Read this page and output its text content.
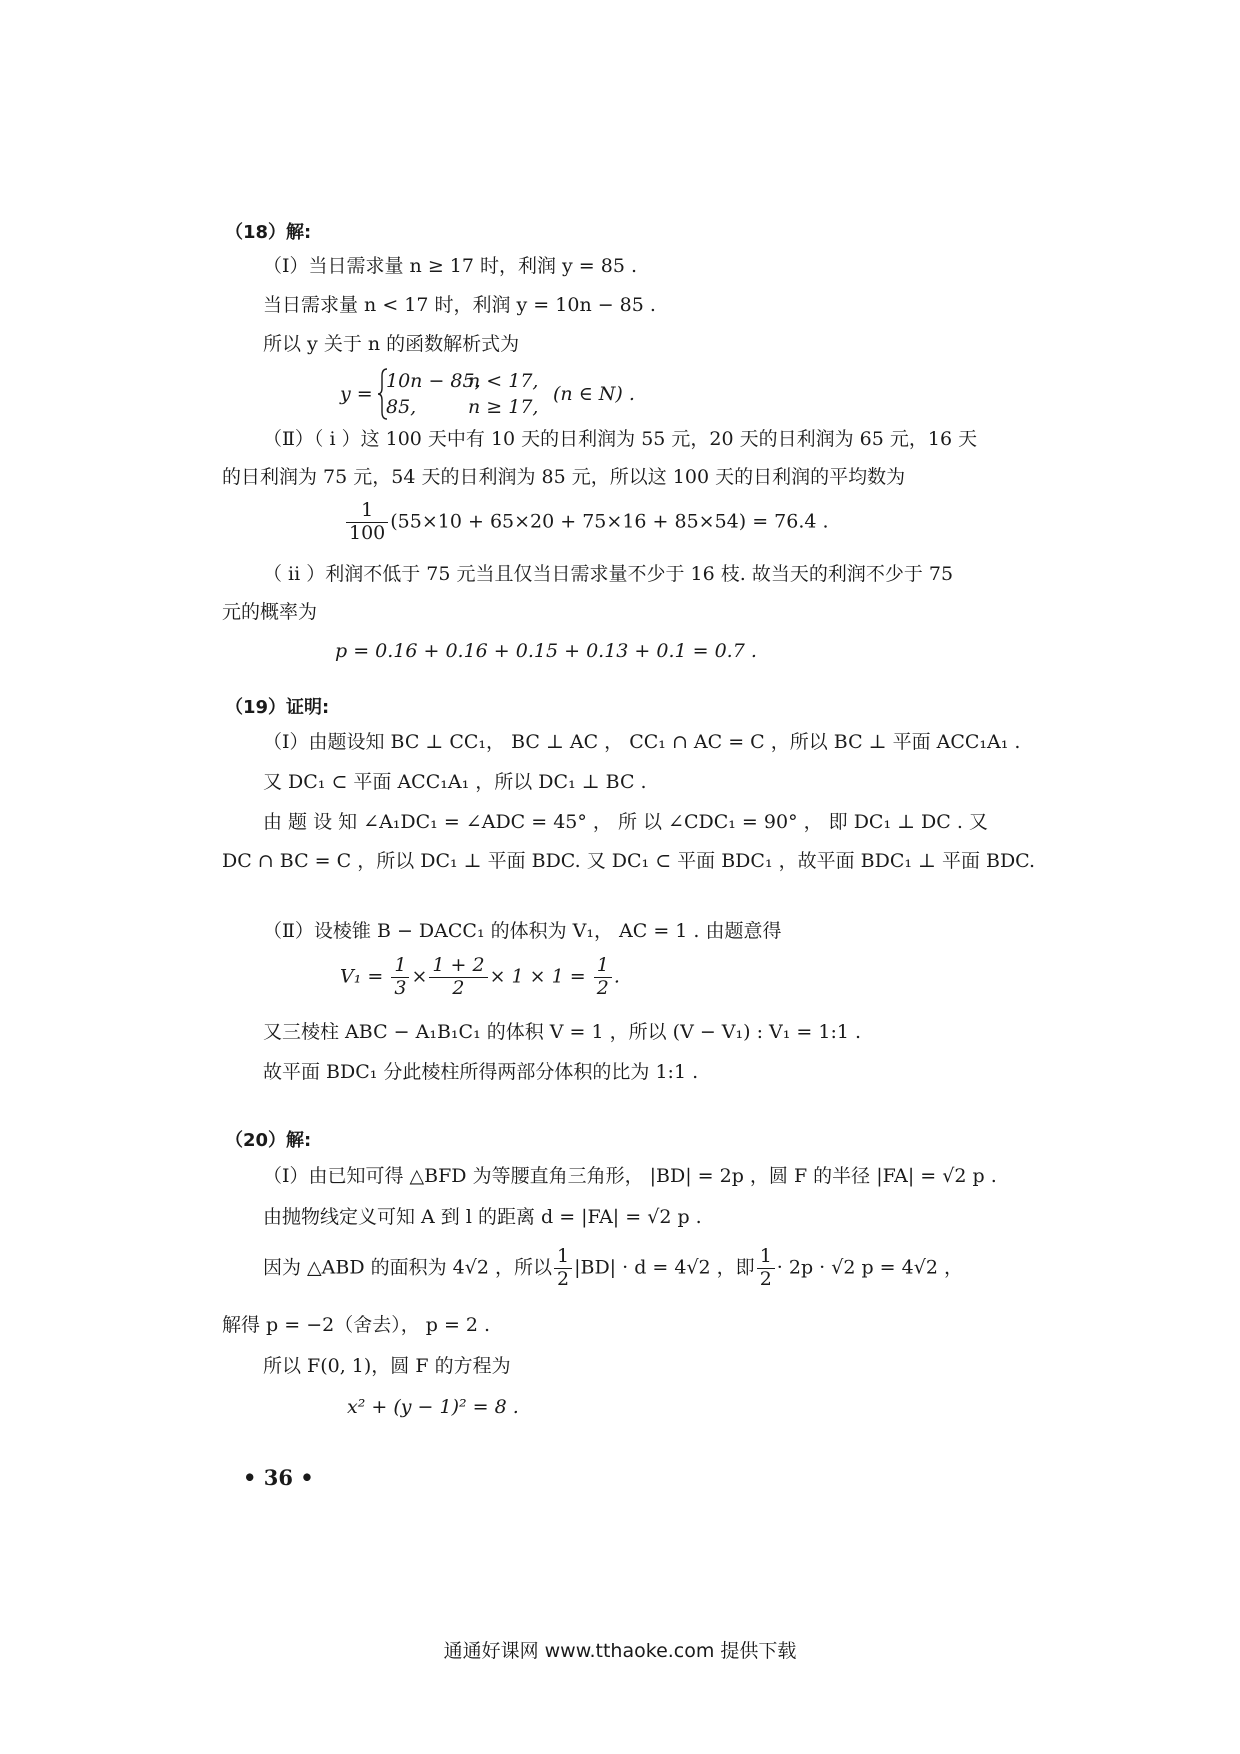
（18）解:
（Ⅰ）当日需求量 n ≥ 17 时，利润 y = 85 .
当日需求量 n < 17 时，利润 y = 10n − 85 .
所以 y 关于 n 的函数解析式为
y =
10n − 85,n < 17,
85,	n ≥ 17,
(n ∈ N) .
（Ⅱ）（ i ）这 100 天中有 10 天的日利润为 55 元，20 天的日利润为 65 元，16 天
的日利润为 75 元，54 天的日利润为 85 元，所以这 100 天的日利润的平均数为
$\frac{1}{100} (55\times 10 + 65\times 20 + 75\times 16 + 85\times 54) = 76.4$ .
（ ii ）利润不低于 75 元当且仅当日需求量不少于 16 枝. 故当天的利润不少于 75
元的概率为
p = 0.16 + 0.16 + 0.15 + 0.13 + 0.1 = 0.7 .
（19）证明:
（Ⅰ）由题设知 BC ⊥ CC₁， BC ⊥ AC ， CC₁ ∩ AC = C ，所以 BC ⊥ 平面 ACC₁A₁ .
又 DC₁ ⊂ 平面 ACC₁A₁ ，所以 DC₁ ⊥ BC .
由 题 设 知 ∠A₁DC₁ = ∠ADC = 45° ， 所 以 ∠CDC₁ = 90° ， 即 DC₁ ⊥ DC . 又
DC ∩ BC = C ，所以 DC₁ ⊥ 平面 BDC. 又 DC₁ ⊂ 平面 BDC₁ ，故平面 BDC₁ ⊥ 平面 BDC.
（Ⅱ）设棱锥 B − DACC₁ 的体积为 V₁， AC = 1 . 由题意得
$V_1 = \frac{1}{3} \times \frac{1 + 2}{2} \times 1 \times 1 = \frac{1}{2}$ .
又三棱柱 ABC − A₁B₁C₁ 的体积 V = 1 ，所以 (V − V₁) : V₁ = 1:1 .
故平面 BDC₁ 分此棱柱所得两部分体积的比为 1:1 .
（20）解:
（Ⅰ）由已知可得 △BFD 为等腰直角三角形， |BD| = 2p ，圆 F 的半径 |FA| = √2 p .
由抛物线定义可知 A 到 l 的距离 d = |FA| = √2 p .
因为 △ABD 的面积为 4√2 ，所以 $\frac{1}{2} |BD| \cdot d = 4√2$ ，即 $\frac{1}{2} \cdot 2p \cdot √2$ p = 4√2 ，
解得 p = −2（舍去）， p = 2 .
所以 F(0, 1)，圆 F 的方程为
x² + (y − 1)² = 8 .
• 36 •
通通好课网 www.tthaoke.com 提供下载
